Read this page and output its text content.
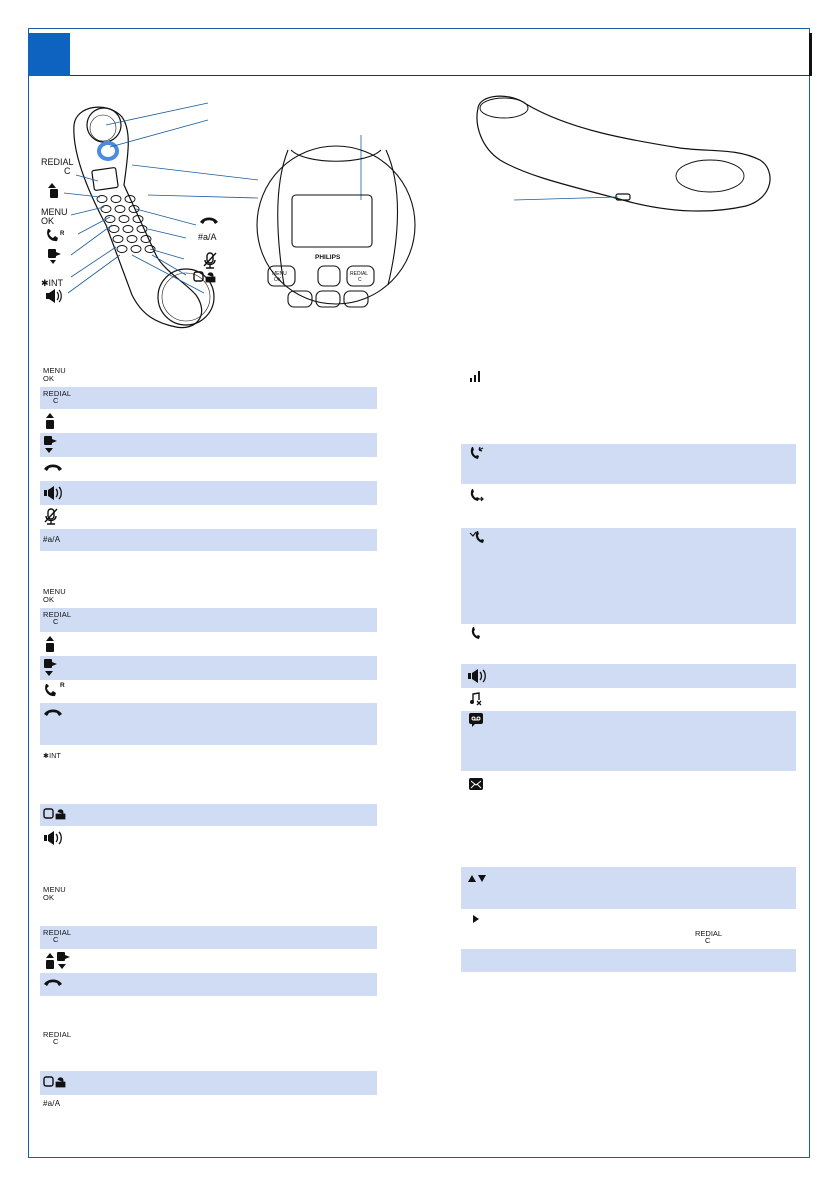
PHILIPS
MENU
OK
REDIAL
C
REDIAL
C
MENU
OK
R
✱INT
#a/A
MENU
OK
REDIAL
C
#a/A
MENU
OK
REDIAL
C
R
✱INT
MENU
OK
REDIAL
C
REDIAL
C
#a/A
REDIAL
C
